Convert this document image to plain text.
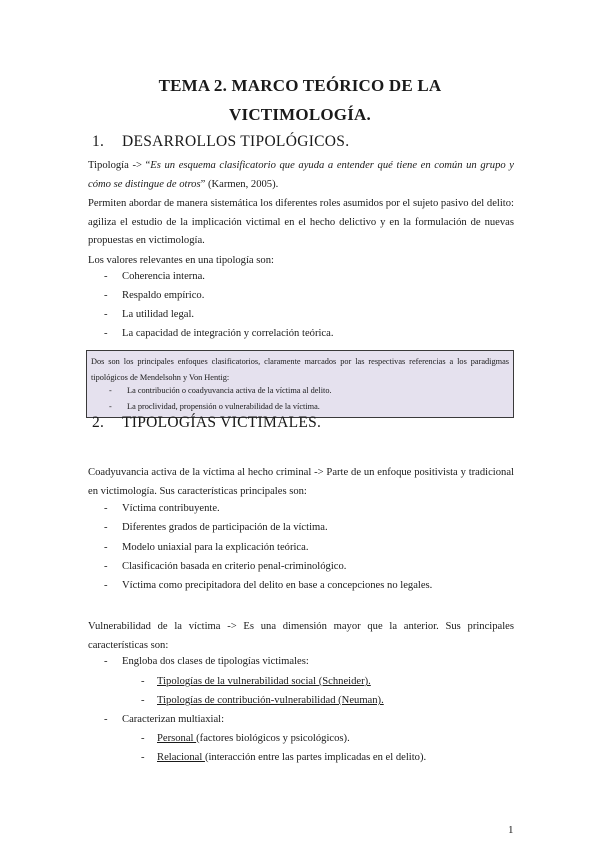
TEMA 2. MARCO TEÓRICO DE LA
VICTIMOLOGÍA.
1. DESARROLLOS TIPOLÓGICOS.
Tipología -> “Es un esquema clasificatorio que ayuda a entender qué tiene en común un grupo y cómo se distingue de otros” (Karmen, 2005).
Permiten abordar de manera sistemática los diferentes roles asumidos por el sujeto pasivo del delito: agiliza el estudio de la implicación victimal en el hecho delictivo y en la formulación de nuevas propuestas en victimología.
Los valores relevantes en una tipología son:
- Coherencia interna.
- Respaldo empírico.
- La utilidad legal.
- La capacidad de integración y correlación teórica.
Dos son los principales enfoques clasificatorios, claramente marcados por las respectivas referencias a los paradigmas tipológicos de Mendelsohn y Von Hentig:
- La contribución o coadyuvancia activa de la víctima al delito.
- La proclividad, propensión o vulnerabilidad de la víctima.
2. TIPOLOGÍAS VICTIMALES.
Coadyuvancia activa de la víctima al hecho criminal -> Parte de un enfoque positivista y tradicional en victimología. Sus características principales son:
- Víctima contribuyente.
- Diferentes grados de participación de la víctima.
- Modelo uniaxial para la explicación teórica.
- Clasificación basada en criterio penal-criminológico.
- Víctima como precipitadora del delito en base a concepciones no legales.
Vulnerabilidad de la víctima -> Es una dimensión mayor que la anterior. Sus principales características son:
- Engloba dos clases de tipologías victimales:
- Tipologías de la vulnerabilidad social (Schneider).
- Tipologías de contribución-vulnerabilidad (Neuman).
- Caracterizan multiaxial:
- Personal (factores biológicos y psicológicos).
- Relacional (interacción entre las partes implicadas en el delito).
1
